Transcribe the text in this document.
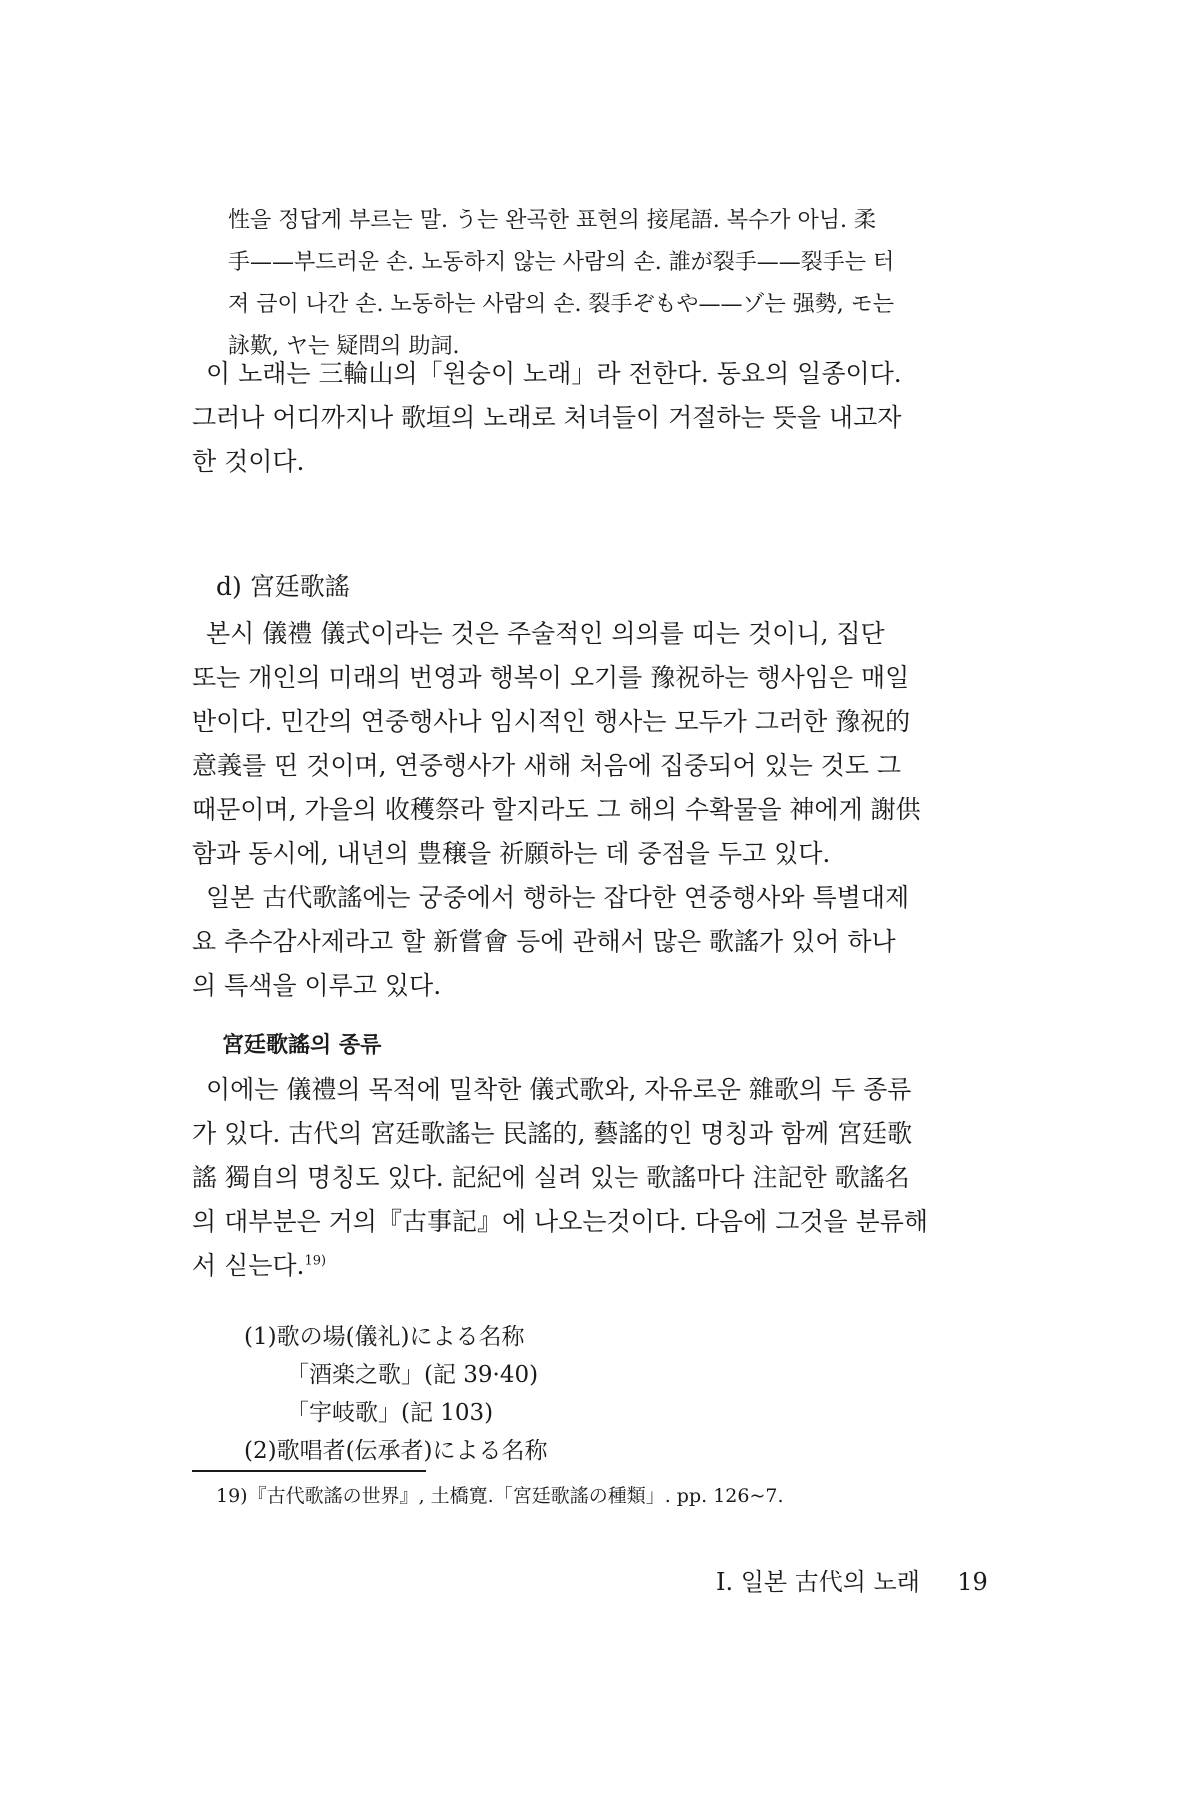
性을 정답게 부르는 말. う는 완곡한 표현의 接尾語. 복수가 아님. 柔
手——부드러운 손. 노동하지 않는 사람의 손. 誰が裂手——裂手는 터
져 금이 나간 손. 노동하는 사람의 손. 裂手ぞもや——ゾ는 强勢, モ는
詠歎, ヤ는 疑問의 助詞.
이 노래는 三輪山의「원숭이 노래」라 전한다. 동요의 일종이다.
그러나 어디까지나 歌垣의 노래로 처녀들이 거절하는 뜻을 내고자
한 것이다.
d) 宮廷歌謠
본시 儀禮 儀式이라는 것은 주술적인 의의를 띠는 것이니, 집단
또는 개인의 미래의 번영과 행복이 오기를 豫祝하는 행사임은 매일
반이다. 민간의 연중행사나 임시적인 행사는 모두가 그러한 豫祝的
意義를 띤 것이며, 연중행사가 새해 처음에 집중되어 있는 것도 그
때문이며, 가을의 收穫祭라 할지라도 그 해의 수확물을 神에게 謝供
함과 동시에, 내년의 豊穣을 祈願하는 데 중점을 두고 있다.
일본 古代歌謠에는 궁중에서 행하는 잡다한 연중행사와 특별대제
요 추수감사제라고 할 新嘗會 등에 관해서 많은 歌謠가 있어 하나
의 특색을 이루고 있다.
宮廷歌謠의 종류
이에는 儀禮의 목적에 밀착한 儀式歌와, 자유로운 雜歌의 두 종류
가 있다. 古代의 宮廷歌謠는 民謠的, 藝謠的인 명칭과 함께 宮廷歌
謠 獨自의 명칭도 있다. 記紀에 실려 있는 歌謠마다 注記한 歌謠名
의 대부분은 거의『古事記』에 나오는것이다. 다음에 그것을 분류해
서 싣는다.$^{19)}$
(1)歌の場(儀礼)による名称
「酒楽之歌」(記 39·40)
「宇岐歌」(記 103)
(2)歌唱者(伝承者)による名称
19)『古代歌謠の世界』, 土橋寛.「宮廷歌謠の種類」. pp. 126~7.
I. 일본 古代의 노래 19
